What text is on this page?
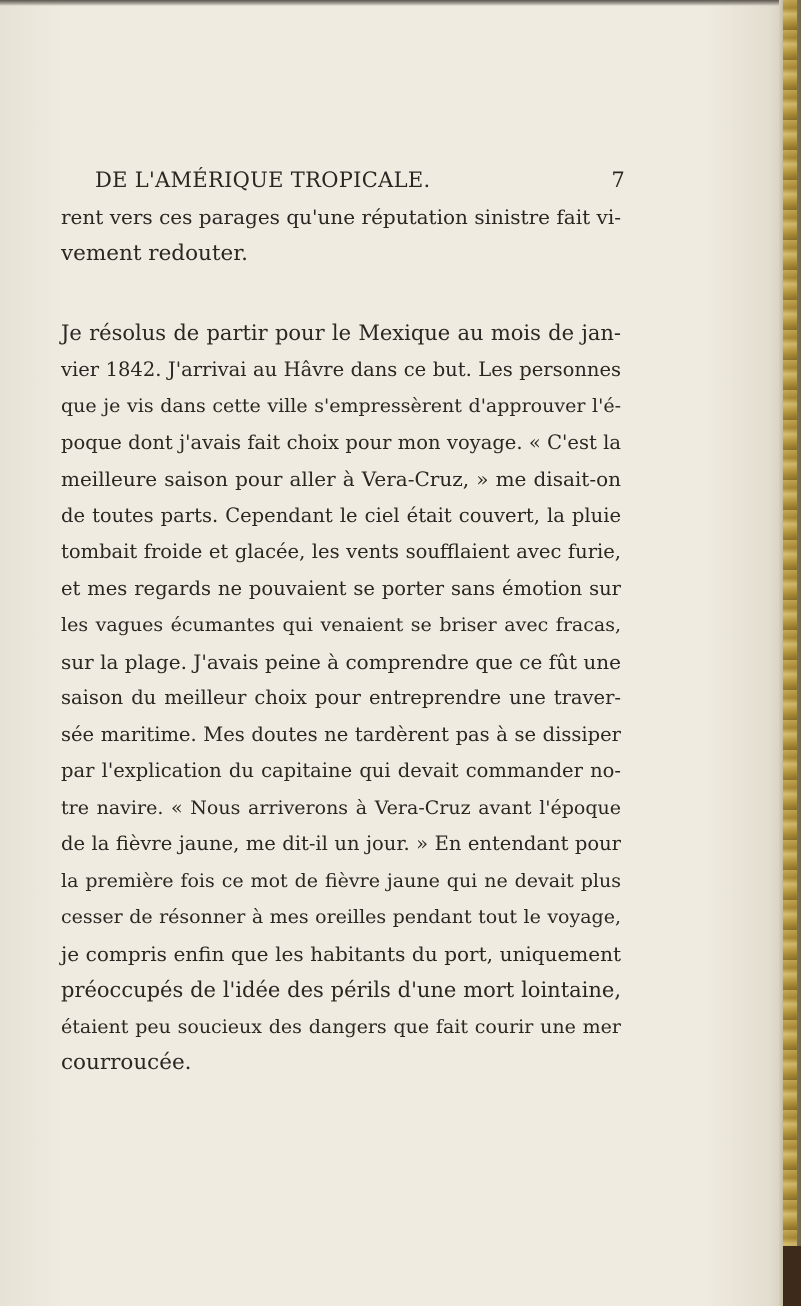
DE L'AMÉRIQUE TROPICALE.	7
rent vers ces parages qu'une réputation sinistre fait vi-
vement redouter.
Je résolus de partir pour le Mexique au mois de jan-
vier 1842. J'arrivai au Hâvre dans ce but. Les personnes
que je vis dans cette ville s'empressèrent d'approuver l'é-
poque dont j'avais fait choix pour mon voyage. « C'est la
meilleure saison pour aller à Vera-Cruz, » me disait-on
de toutes parts. Cependant le ciel était couvert, la pluie
tombait froide et glacée, les vents soufflaient avec furie,
et mes regards ne pouvaient se porter sans émotion sur
les vagues écumantes qui venaient se briser avec fracas,
sur la plage. J'avais peine à comprendre que ce fût une
saison du meilleur choix pour entreprendre une traver-
sée maritime. Mes doutes ne tardèrent pas à se dissiper
par l'explication du capitaine qui devait commander no-
tre navire. « Nous arriverons à Vera-Cruz avant l'époque
de la fièvre jaune, me dit-il un jour. » En entendant pour
la première fois ce mot de fièvre jaune qui ne devait plus
cesser de résonner à mes oreilles pendant tout le voyage,
je compris enfin que les habitants du port, uniquement
préoccupés de l'idée des périls d'une mort lointaine,
étaient peu soucieux des dangers que fait courir une mer
courroucée.
